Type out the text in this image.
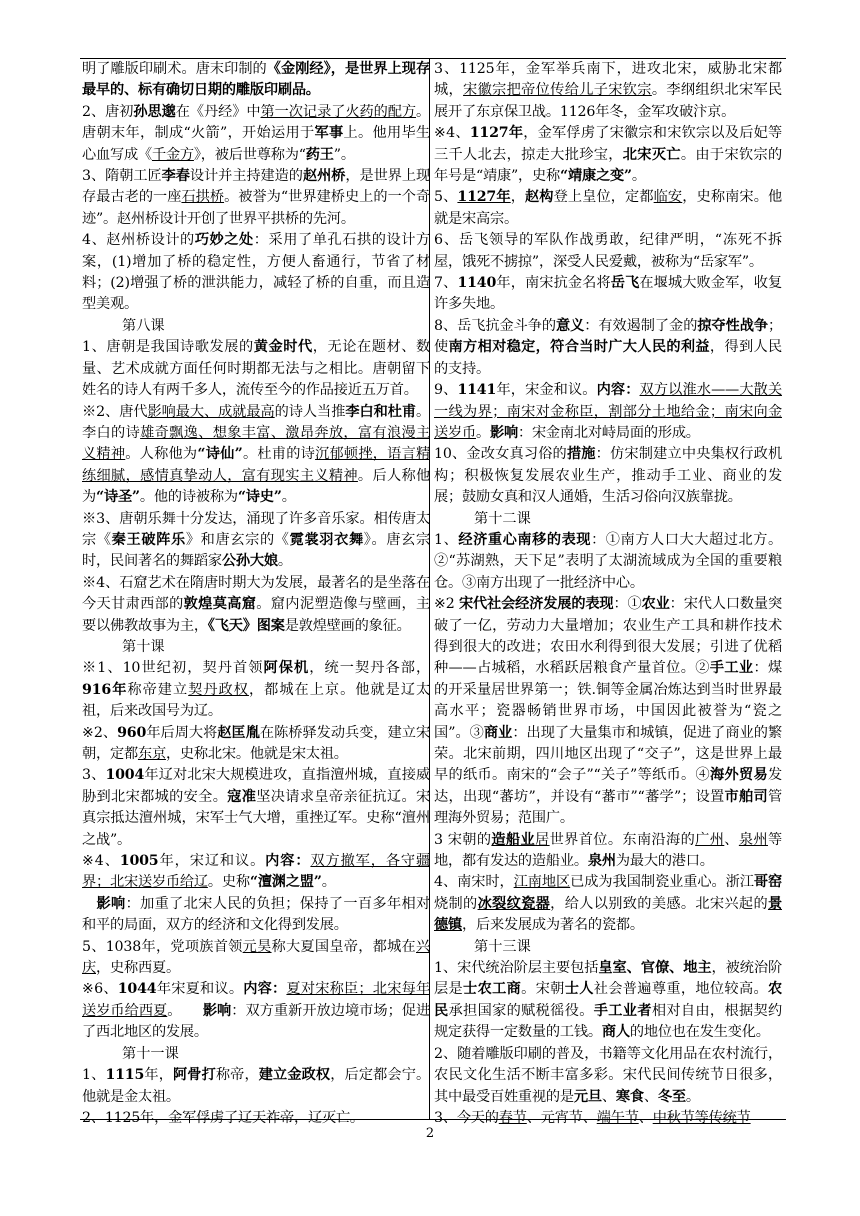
明了雕版印刷术。唐末印制的《金刚经》，是世界上现存最早的、标有确切日期的雕版印刷品。
2、唐初孙思邈在《丹经》中第一次记录了火药的配方。唐朝末年，制成“火箭”，开始运用于军事上。他用毕生心血写成《千金方》，被后世尊称为“药王”。
3、隋朝工匠李春设计并主持建造的赵州桥，是世界上现存最古老的一座石拱桥。被誉为“世界建桥史上的一个奇迹”。赵州桥设计开创了世界平拱桥的先河。
4、赵州桥设计的巧妙之处：采用了单孔石拱的设计方案，(1)增加了桥的稳定性，方便人畜通行，节省了材料；(2)增强了桥的泄洪能力，减轻了桥的自重，而且造型美观。
第八课
1、唐朝是我国诗歌发展的黄金时代，无论在题材、数量、艺术成就方面任何时期都无法与之相比。唐朝留下姓名的诗人有两千多人，流传至今的作品接近五万首。
※2、唐代影响最大、成就最高的诗人当推李白和杜甫。李白的诗雄奇飘逸、想象丰富、激昂奔放，富有浪漫主义精神。人称他为“诗仙”。杜甫的诗沉郁顿挫，语言精练细腻，感情真挚动人，富有现实主义精神。后人称他为“诗圣”。他的诗被称为“诗史”。
※3、唐朝乐舞十分发达，涌现了许多音乐家。相传唐太宗《秦王破阵乐》和唐玄宗的《霓裳羽衣舞》。唐玄宗时，民间著名的舞蹈家公孙大娘。
※4、石窟艺术在隋唐时期大为发展，最著名的是坐落在今天甘肃西部的敦煌莫高窟。窟内泥塑造像与壁画，主要以佛教故事为主，《飞天》图案是敦煌壁画的象征。
第十课
※1、10世纪初，契丹首领阿保机，统一契丹各部，916年称帝建立契丹政权，都城在上京。他就是辽太祖，后来改国号为辽。
※2、960年后周大将赵匡胤在陈桥驿发动兵变，建立宋朝，定都东京，史称北宋。他就是宋太祖。
3、1004年辽对北宋大规模进攻，直指澶州城，直接威胁到北宋都城的安全。寇准坚决请求皇帝亲征抗辽。宋真宗抵达澶州城，宋军士气大增，重挫辽军。史称“澶州之战”。
※4、1005年，宋辽和议。内容：双方撤军，各守疆界；北宋送岁币给辽。史称“澶渊之盟”。
　影响：加重了北宋人民的负担；保持了一百多年相对和平的局面，双方的经济和文化得到发展。
5、1038年，党项族首领元昊称大夏国皇帝，都城在兴庆，史称西夏。
※6、1044年宋夏和议。内容：夏对宋称臣；北宋每年送岁币给西夏。　　影响：双方重新开放边境市场；促进了西北地区的发展。
第十一课
1、1115年，阿骨打称帝，建立金政权，后定都会宁。他就是金太祖。
2、1125年，金军俘虏了辽天祚帝，辽灭亡。
3、1125年，金军举兵南下，进攻北宋，威胁北宋都城，宋徽宗把帝位传给儿子宋钦宗。李纲组织北宋军民展开了东京保卫战。1126年冬，金军攻破汴京。
※4、1127年，金军俘虏了宋徽宗和宋钦宗以及后妃等三千人北去，掠走大批珍宝，北宋灭亡。由于宋钦宗的年号是“靖康”，史称“靖康之变”。
5、1127年，赵构登上皇位，定都临安，史称南宋。他就是宋高宗。
6、岳飞领导的军队作战勇敢，纪律严明，“冻死不拆屋，饿死不掳掠”，深受人民爱戴，被称为“岳家军”。
7、1140年，南宋抗金名将岳飞在堰城大败金军，收复许多失地。
8、岳飞抗金斗争的意义：有效遏制了金的掠夺性战争；使南方相对稳定，符合当时广大人民的利益，得到人民的支持。
9、1141年，宋金和议。内容：双方以淮水——大散关一线为界；南宋对金称臣，割部分土地给金；南宋向金送岁币。影响：宋金南北对峙局面的形成。
10、金改女真习俗的措施：仿宋制建立中央集权行政机构；积极恢复发展农业生产，推动手工业、商业的发展；鼓励女真和汉人通婚，生活习俗向汉族靠拢。
第十二课
1、经济重心南移的表现：①南方人口大大超过北方。②“苏湖熟，天下足”表明了太湖流域成为全国的重要粮仓。③南方出现了一批经济中心。
※2 宋代社会经济发展的表现：①农业：宋代人口数量突破了一亿，劳动力大量增加；农业生产工具和耕作技术得到很大的改进；农田水利得到很大发展；引进了优稻种——占城稻，水稻跃居粮食产量首位。②手工业：煤的开采量居世界第一；铁.铜等金属冶炼达到当时世界最高水平；瓷器畅销世界市场，中国因此被誉为“瓷之国”。③商业：出现了大量集市和城镇，促进了商业的繁荣。北宋前期，四川地区出现了“交子”，这是世界上最早的纸币。南宋的“会子”“关子”等纸币。④海外贸易发达，出现“蕃坊”，并设有“蕃市”“蕃学”；设置市舶司管理海外贸易；范围广。
3 宋朝的造船业居世界首位。东南沿海的广州、泉州等地，都有发达的造船业。泉州为最大的港口。
4、南宋时，江南地区已成为我国制瓷业重心。浙江哥窑烧制的冰裂纹瓷器，给人以别致的美感。北宋兴起的景德镇，后来发展成为著名的瓷都。
第十三课
1、宋代统治阶层主要包括皇室、官僚、地主，被统治阶层是士农工商。宋朝士人社会普遍尊重，地位较高。农民承担国家的赋税徭役。手工业者相对自由，根据契约规定获得一定数量的工钱。商人的地位也在发生变化。
2、随着雕版印刷的普及，书籍等文化用品在农村流行，农民文化生活不断丰富多彩。宋代民间传统节日很多，其中最受百姓重视的是元旦、寒食、冬至。
3、今天的春节、元宵节、端午节、中秋节等传统节
2
